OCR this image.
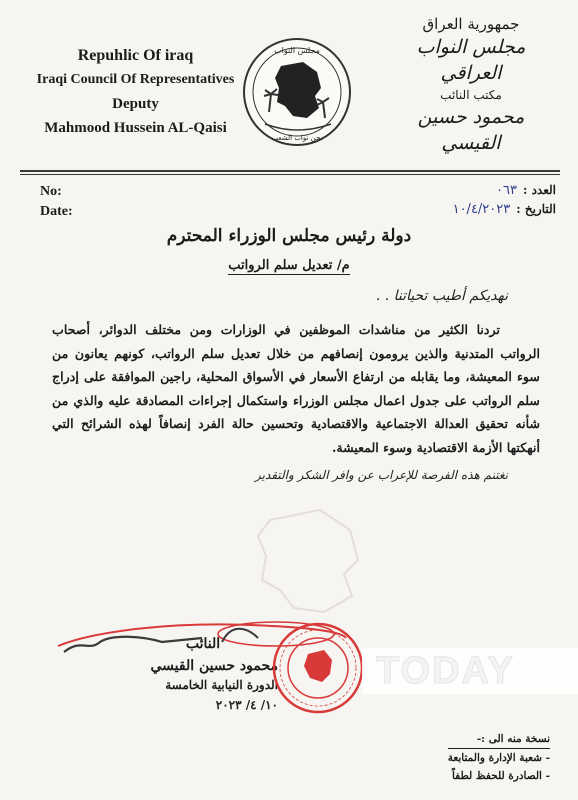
Repuhlic Of iraq
Iraqi Council Of Representatives
Deputy
Mahmood Hussein AL-Qaisi
مجلس النواب
نحن نواب الشعب
جمهورية العراق
مجلس النواب العراقي
مكتب النائب
محمود حسين القيسي
No:
Date:
العدد :٠٦٣
التاريخ :١٠/٤/٢٠٢٣
دولة رئيس مجلس الوزراء المحترم
م/ تعديل سلم الرواتب
نهديكم أطيب تحياتنا . .

تردنا الكثير من مناشدات الموظفين في الوزارات ومن مختلف الدوائر، أصحاب الرواتب المتدنية والذين يرومون إنصافهم من خلال تعديل سلم الرواتب، كونهم يعانون من سوء المعيشة، وما يقابله من ارتفاع الأسعار في الأسواق المحلية، راجين الموافقة على إدراج سلم الرواتب على جدول اعمال مجلس الوزراء واستكمال إجراءات المصادقة عليه والذي من شأنه تحقيق العدالة الاجتماعية والاقتصادية وتحسين حالة الفرد إنصافاً لهذه الشرائح التي أنهكتها الأزمة الاقتصادية وسوء المعيشة.

نغتنم هذه الفرصة للإعراب عن وافر الشكر والتقدير
النائب
محمود حسين القيسي
الدورة النيابية الخامسة
١٠/ ٤/ ٢٠٢٣
TODAY
نسخة منه الى :-
- شعبة الإدارة والمتابعة
- الصادرة للحفظ لطفاً
